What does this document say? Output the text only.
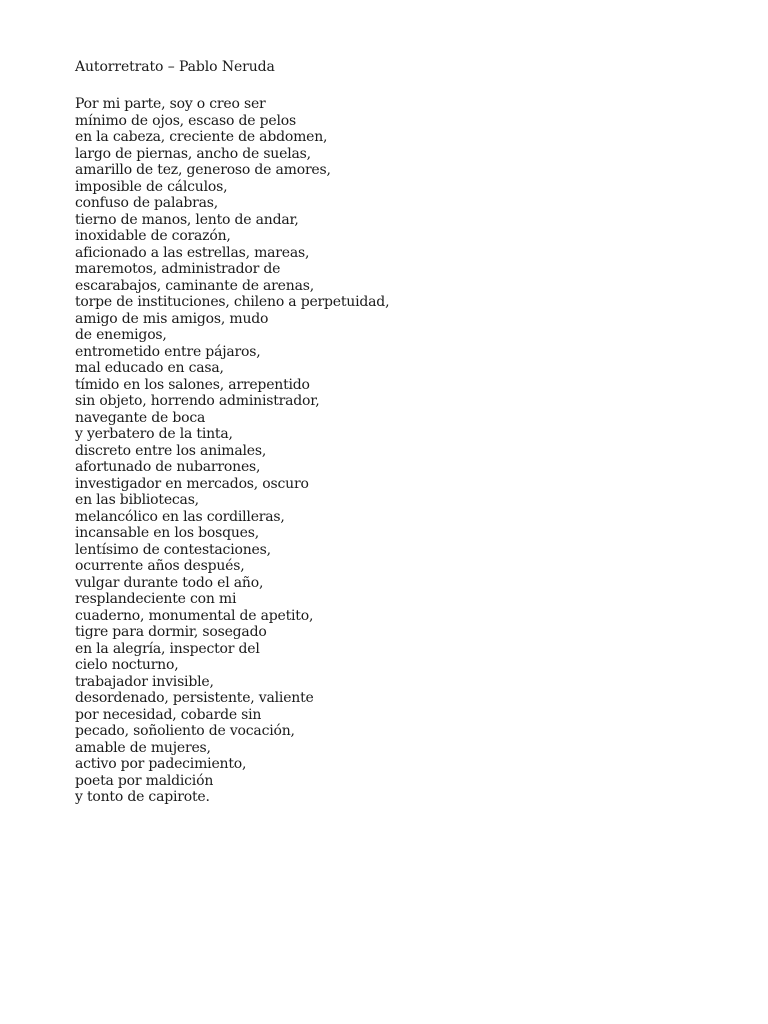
Autorretrato – Pablo Neruda
Por mi parte, soy o creo ser
mínimo de ojos, escaso de pelos
en la cabeza, creciente de abdomen,
largo de piernas, ancho de suelas,
amarillo de tez, generoso de amores,
imposible de cálculos,
confuso de palabras,
tierno de manos, lento de andar,
inoxidable de corazón,
aficionado a las estrellas, mareas,
maremotos, administrador de
escarabajos, caminante de arenas,
torpe de instituciones, chileno a perpetuidad,
amigo de mis amigos, mudo
de enemigos,
entrometido entre pájaros,
mal educado en casa,
tímido en los salones, arrepentido
sin objeto, horrendo administrador,
navegante de boca
y yerbatero de la tinta,
discreto entre los animales,
afortunado de nubarrones,
investigador en mercados, oscuro
en las bibliotecas,
melancólico en las cordilleras,
incansable en los bosques,
lentísimo de contestaciones,
ocurrente años después,
vulgar durante todo el año,
resplandeciente con mi
cuaderno, monumental de apetito,
tigre para dormir, sosegado
en la alegría, inspector del
cielo nocturno,
trabajador invisible,
desordenado, persistente, valiente
por necesidad, cobarde sin
pecado, soñoliento de vocación,
amable de mujeres,
activo por padecimiento,
poeta por maldición
y tonto de capirote.
